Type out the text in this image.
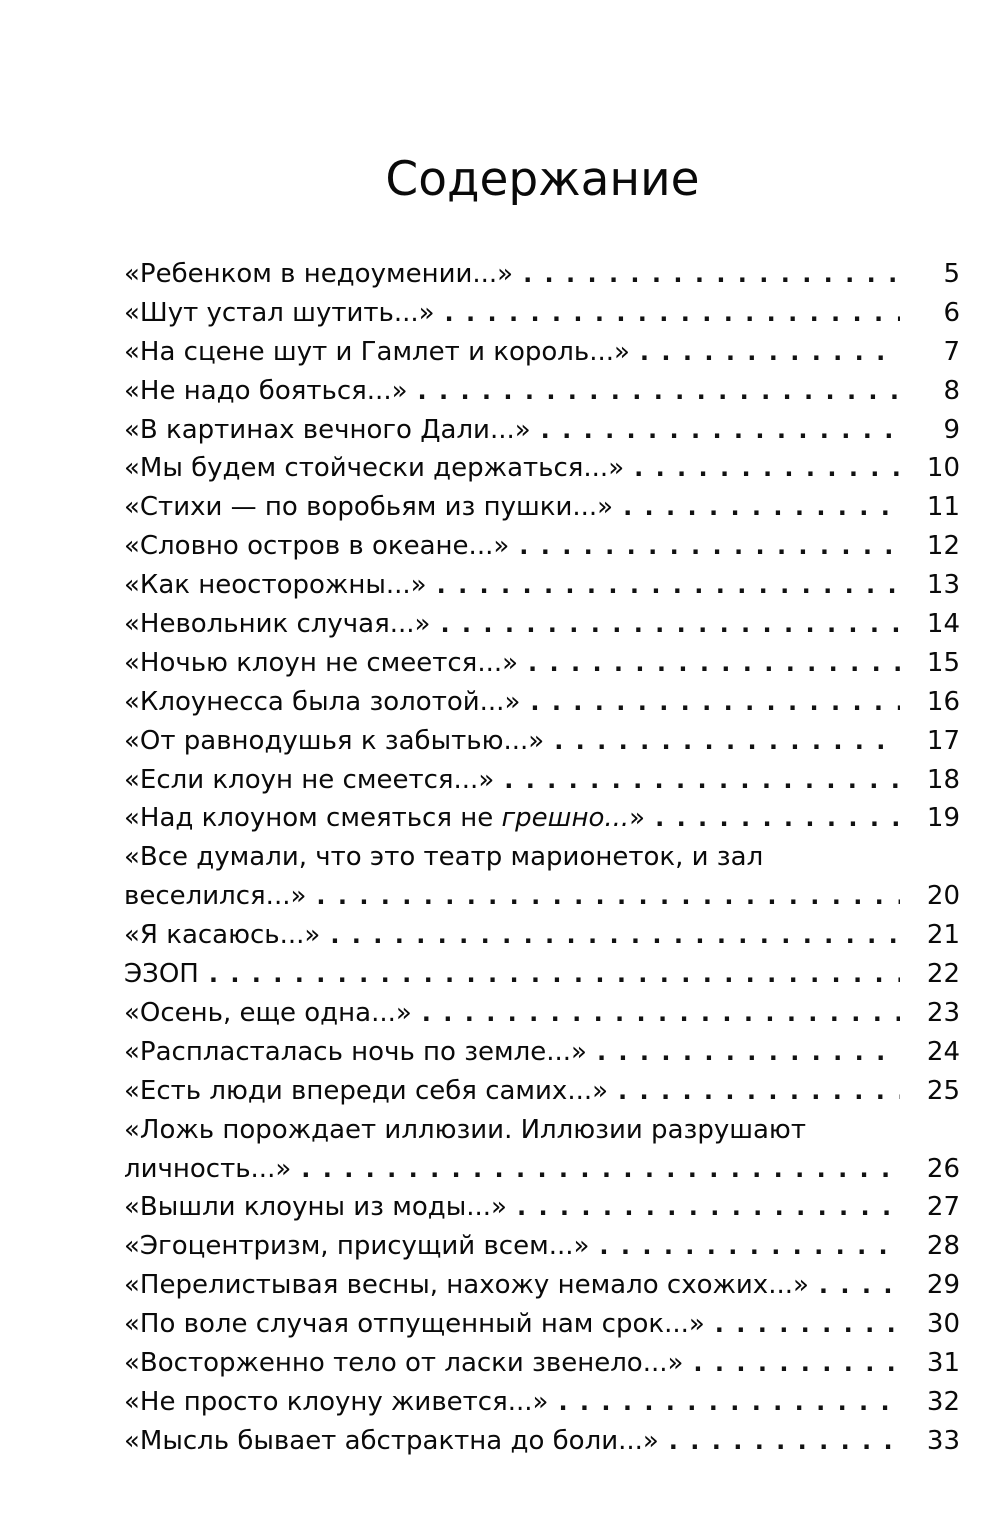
Содержание
«Ребенком в недоумении...» . . .	5
«Шут устал шутить...» . . .	6
«На сцене шут и Гамлет и король...» . . .	7
«Не надо бояться...» . . .	8
«В картинах вечного Дали...» . . .	9
«Мы будем стойчески держаться...» . . .	10
«Стихи — по воробьям из пушки...» . . .	11
«Словно остров в океане...» . . .	12
«Как неосторожны...» . . .	13
«Невольник случая...» . . .	14
«Ночью клоун не смеется...» . . .	15
«Клоунесса была золотой...» . . .	16
«От равнодушья к забытью...» . . .	17
«Если клоун не смеется...» . . .	18
«Над клоуном смеяться не грешно...» . . .	19
«Все думали, что это театр марионеток, и зал
веселился...» . . .	20
«Я касаюсь...» . . .	21
ЭЗОП . . .	22
«Осень, еще одна...» . . .	23
«Распласталась ночь по земле...» . . .	24
«Есть люди впереди себя самих...» . . .	25
«Ложь порождает иллюзии. Иллюзии разрушают
личность...» . . .	26
«Вышли клоуны из моды...» . . .	27
«Эгоцентризм, присущий всем...» . . .	28
«Перелистывая весны, нахожу немало схожих...» . . .	29
«По воле случая отпущенный нам срок...» . . .	30
«Восторженно тело от ласки звенело...» . . .	31
«Не просто клоуну живется...» . . .	32
«Мысль бывает абстрактна до боли...» . . .	33
